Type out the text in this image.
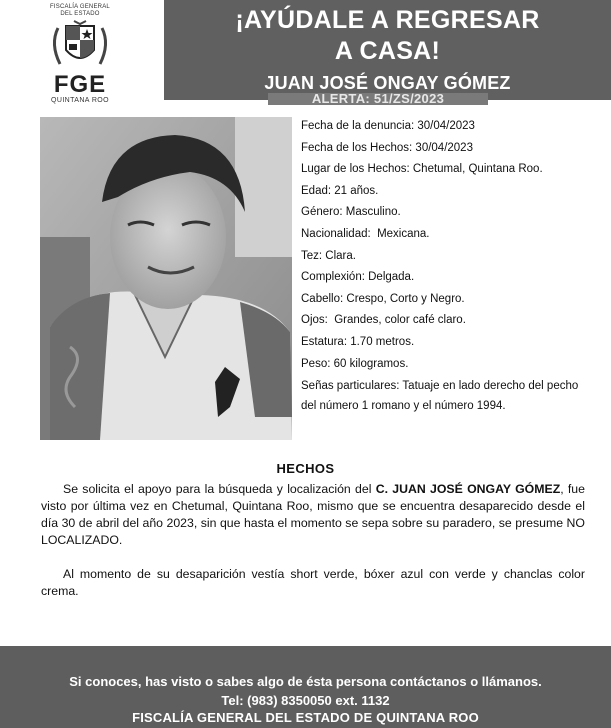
FISCALÍA GENERAL
DEL ESTADO
FGE
QUINTANA ROO
¡AYÚDALE A REGRESAR
A CASA!
JUAN JOSÉ ONGAY GÓMEZ
ALERTA: 51/ZS/2023
Fecha de la denuncia: 30/04/2023
Fecha de los Hechos: 30/04/2023
Lugar de los Hechos: Chetumal, Quintana Roo.
Edad: 21 años.
Género: Masculino.
Nacionalidad:  Mexicana.
Tez: Clara.
Complexión: Delgada.
Cabello: Crespo, Corto y Negro.
Ojos:  Grandes, color café claro.
Estatura: 1.70 metros.
Peso: 60 kilogramos.
Señas particulares: Tatuaje en lado derecho del pecho del número 1 romano y el número 1994.
HECHOS
Se solicita el apoyo para la búsqueda y localización del C. JUAN JOSÉ ONGAY GÓMEZ, fue visto por última vez en Chetumal, Quintana Roo, mismo que se encuentra desaparecido desde el día 30 de abril del año 2023, sin que hasta el momento se sepa sobre su paradero, se presume NO LOCALIZADO.
Al momento de su desaparición vestía short verde, bóxer azul con verde y chanclas color crema.
Si conoces, has visto o sabes algo de ésta persona contáctanos o llámanos.
Tel: (983) 8350050 ext. 1132
FISCALÍA GENERAL DEL ESTADO DE QUINTANA ROO
